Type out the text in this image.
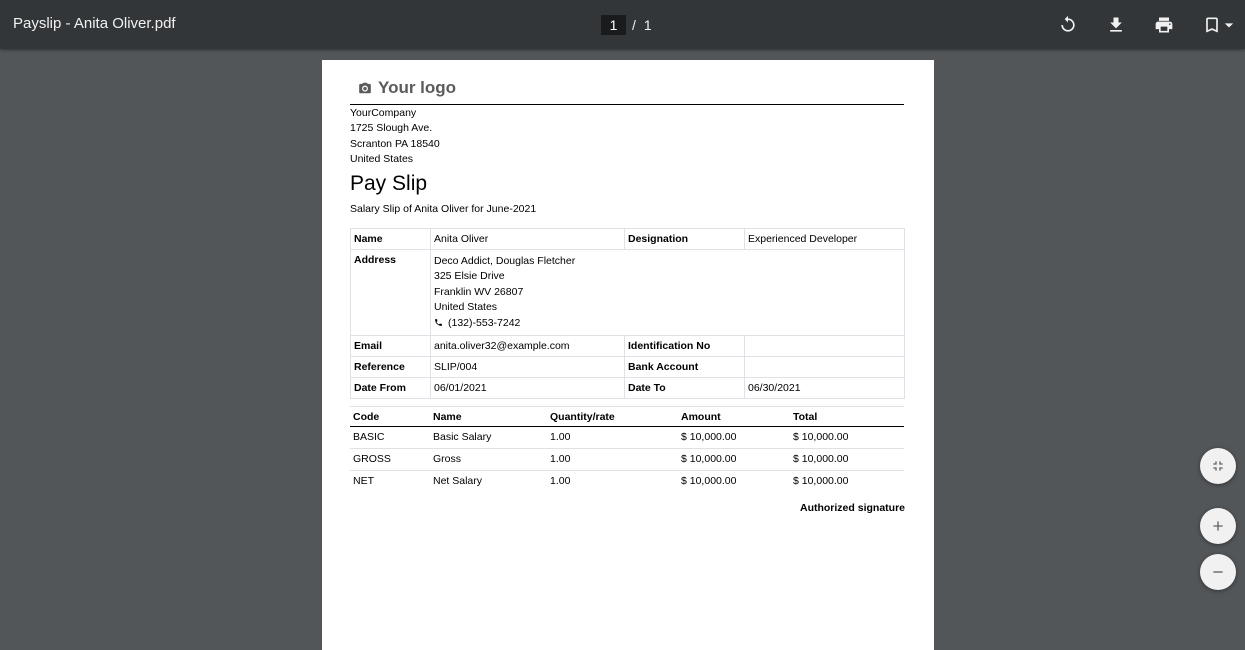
Payslip - Anita Oliver.pdf
1	/ 1
Your logo
YourCompany
1725 Slough Ave.
Scranton PA 18540
United States
Pay Slip
Salary Slip of Anita Oliver for June-2021
Name	Anita Oliver	Designation	Experienced Developer
Address	Deco Addict, Douglas Fletcher
325 Elsie Drive
Franklin WV 26807
United States
(132)-553-7242		

Email	anita.oliver32@example.com	Identification No	
Reference	SLIP/004	Bank Account	
Date From	06/01/2021	Date To	06/30/2021
Code	Name	Quantity/rate	Amount	Total
BASIC	Basic Salary	1.00	$ 10,000.00	$ 10,000.00
GROSS	Gross	1.00	$ 10,000.00	$ 10,000.00
NET	Net Salary	1.00	$ 10,000.00	$ 10,000.00
Authorized signature
